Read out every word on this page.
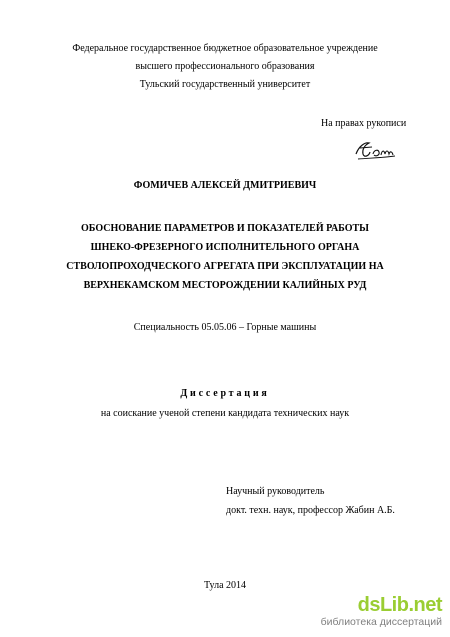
Федеральное государственное бюджетное образовательное учреждение
высшего профессионального образования
Тульский государственный университет
На правах рукописи
ФОМИЧЕВ АЛЕКСЕЙ ДМИТРИЕВИЧ
ОБОСНОВАНИЕ ПАРАМЕТРОВ И ПОКАЗАТЕЛЕЙ РАБОТЫ
ШНЕКО-ФРЕЗЕРНОГО ИСПОЛНИТЕЛЬНОГО ОРГАНА
СТВОЛОПРОХОДЧЕСКОГО АГРЕГАТА ПРИ ЭКСПЛУАТАЦИИ НА
ВЕРХНЕКАМСКОМ МЕСТОРОЖДЕНИИ КАЛИЙНЫХ РУД
Специальность 05.05.06 – Горные машины
Диссертация
на соискание ученой степени кандидата технических наук
Научный руководитель
докт. техн. наук, профессор Жабин А.Б.
Тула 2014
dsLib.net
библиотека диссертаций
